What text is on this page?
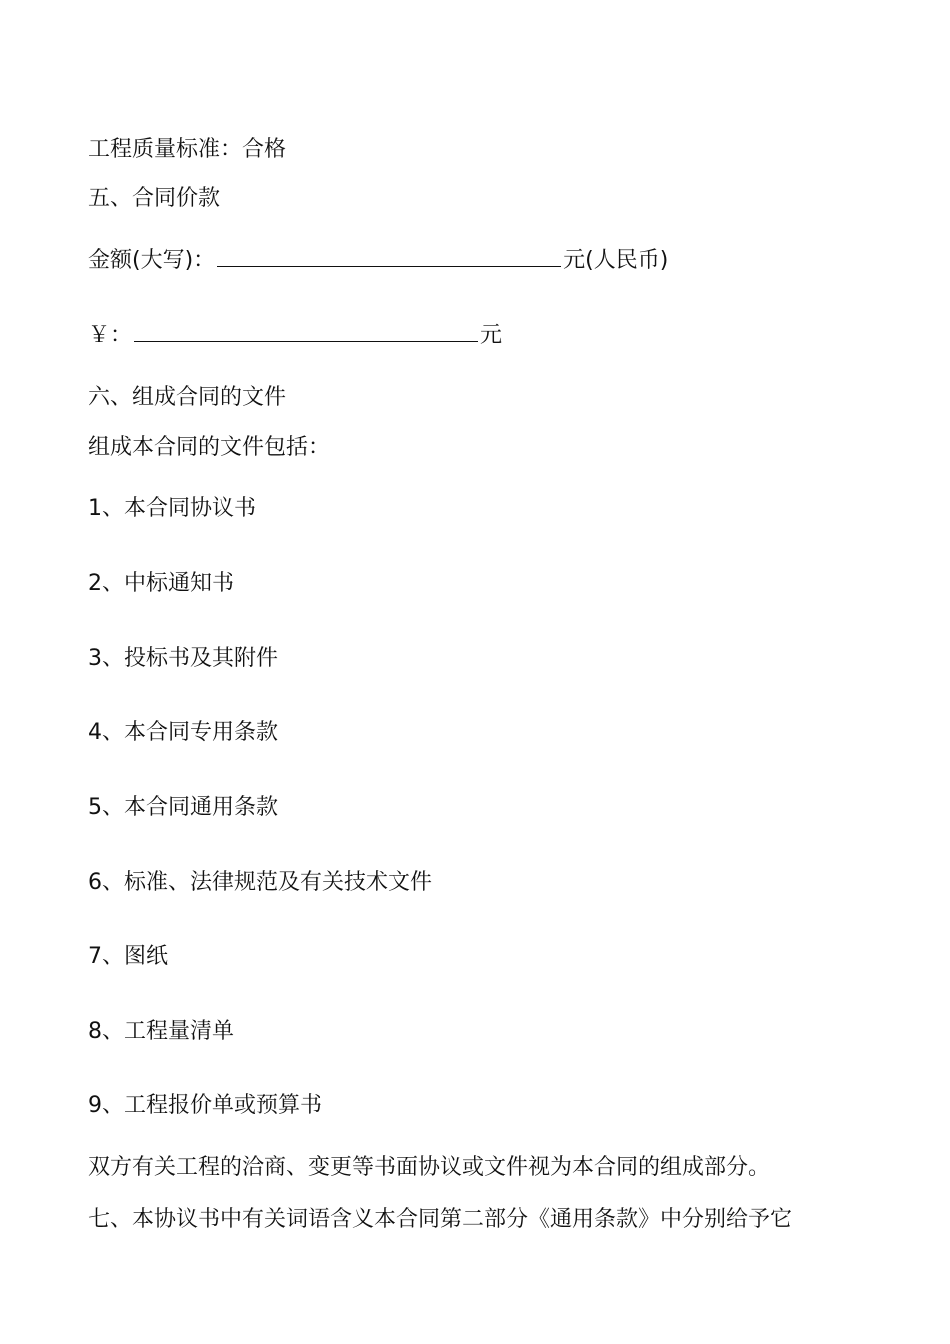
工程质量标准：合格
五、合同价款
金额(大写)：	元(人民币)
￥：	元
六、组成合同的文件
组成本合同的文件包括：
1、本合同协议书
2、中标通知书
3、投标书及其附件
4、本合同专用条款
5、本合同通用条款
6、标准、法律规范及有关技术文件
7、图纸
8、工程量清单
9、工程报价单或预算书
双方有关工程的洽商、变更等书面协议或文件视为本合同的组成部分。
七、本协议书中有关词语含义本合同第二部分《通用条款》中分别给予它
